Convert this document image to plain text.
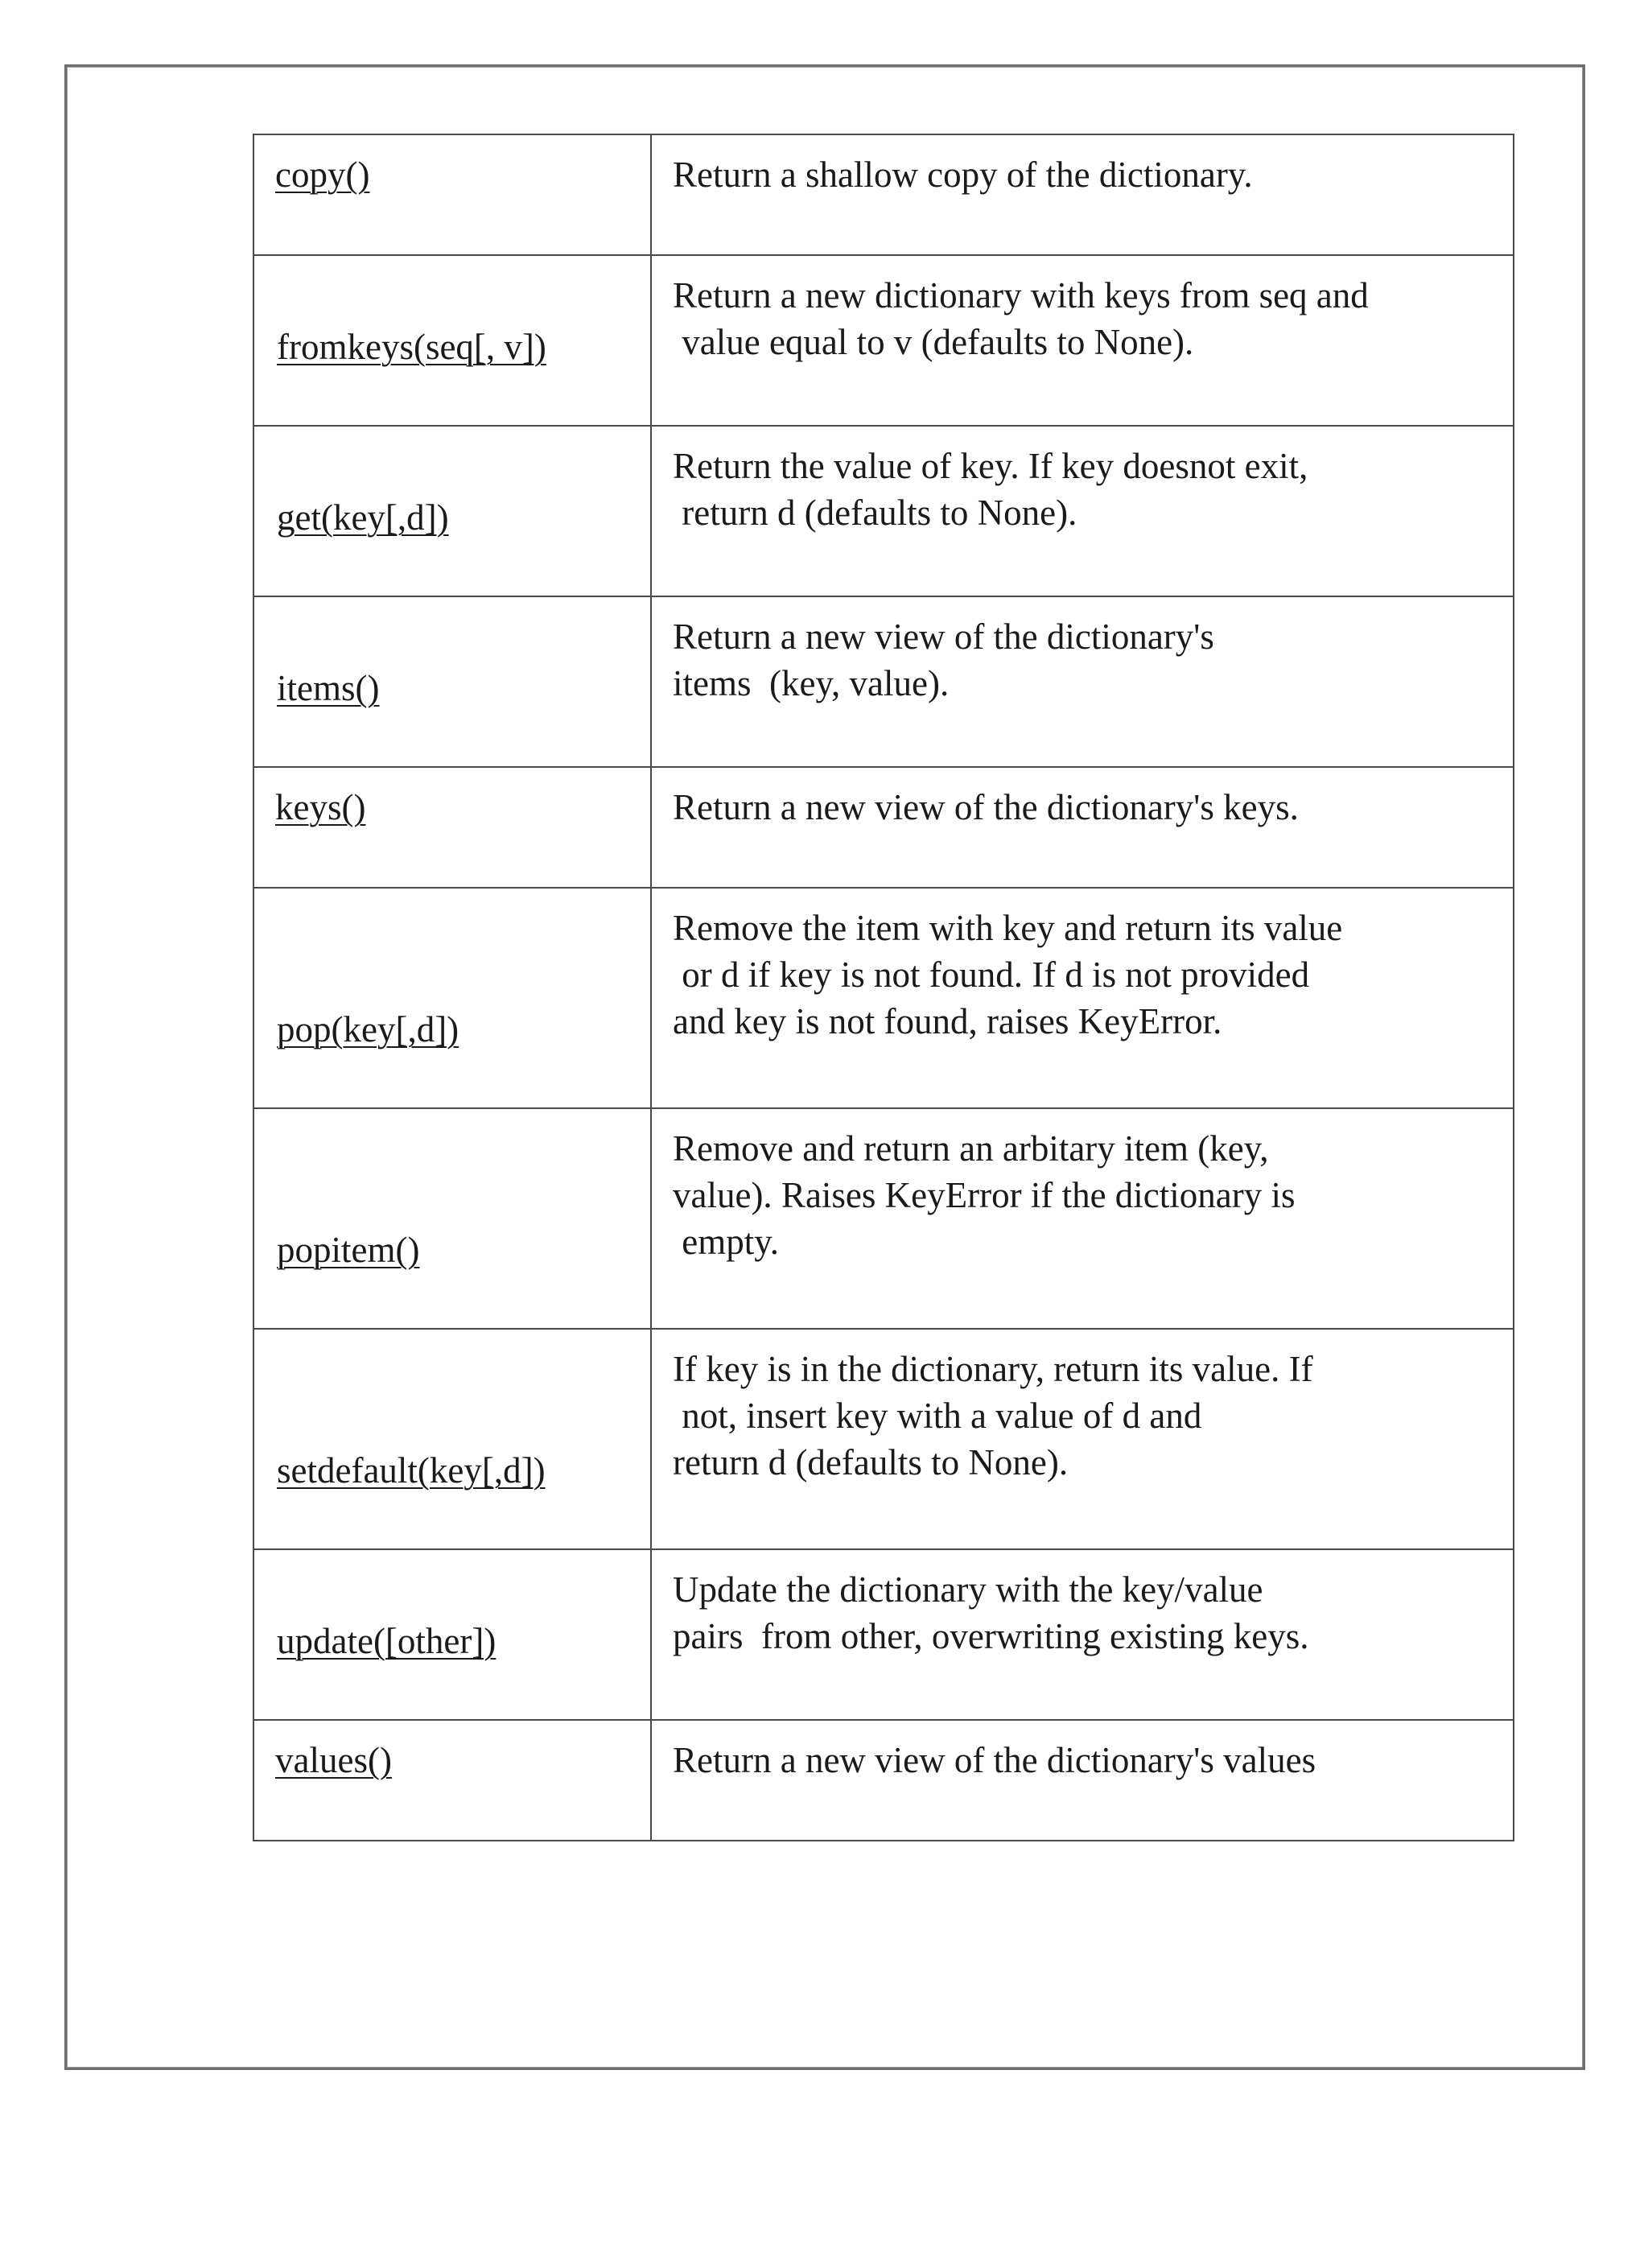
copy()	Return a shallow copy of the dictionary.

fromkeys(seq[, v])	Return a new dictionary with keys from seq and
value equal to v (defaults to None).

get(key[,d])	Return the value of key. If key doesnot exit,
return d (defaults to None).

items()	Return a new view of the dictionary's
items  (key, value).

keys()	Return a new view of the dictionary's keys.

pop(key[,d])	Remove the item with key and return its value
or d if key is not found. If d is not provided
and key is not found, raises KeyError.

popitem()	Remove and return an arbitary item (key,
value). Raises KeyError if the dictionary is
empty.

setdefault(key[,d])	If key is in the dictionary, return its value. If
not, insert key with a value of d and
return d (defaults to None).

update([other])	Update the dictionary with the key/value
pairs  from other, overwriting existing keys.

values()	Return a new view of the dictionary's values
